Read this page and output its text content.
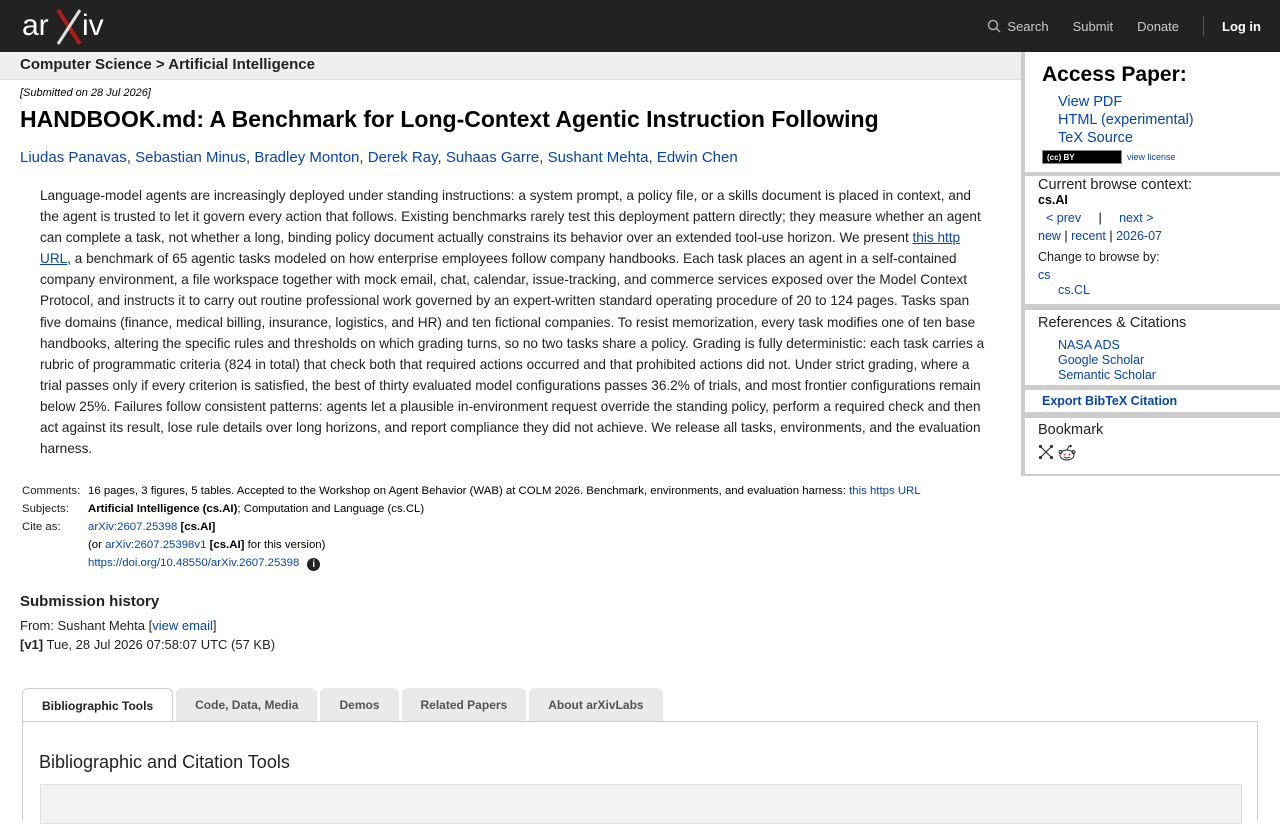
ar iv	Search Submit Donate	Log in
Computer Science > Artificial Intelligence
[Submitted on 28 Jul 2026]
HANDBOOK.md: A Benchmark for Long-Context Agentic Instruction Following
Liudas Panavas, Sebastian Minus, Bradley Monton, Derek Ray, Suhaas Garre, Sushant Mehta, Edwin Chen
Language-model agents are increasingly deployed under standing instructions: a system prompt, a policy file, or a skills document is placed in context, and the agent is trusted to let it govern every action that follows. Existing benchmarks rarely test this deployment pattern directly; they measure whether an agent can complete a task, not whether a long, binding policy document actually constrains its behavior over an extended tool-use horizon. We present this http URL, a benchmark of 65 agentic tasks modeled on how enterprise employees follow company handbooks. Each task places an agent in a self-contained company environment, a file workspace together with mock email, chat, calendar, issue-tracking, and commerce services exposed over the Model Context Protocol, and instructs it to carry out routine professional work governed by an expert-written standard operating procedure of 20 to 124 pages. Tasks span five domains (finance, medical billing, insurance, logistics, and HR) and ten fictional companies. To resist memorization, every task modifies one of ten base handbooks, altering the specific rules and thresholds on which grading turns, so no two tasks share a policy. Grading is fully deterministic: each task carries a rubric of programmatic criteria (824 in total) that check both that required actions occurred and that prohibited actions did not. Under strict grading, where a trial passes only if every criterion is satisfied, the best of thirty evaluated model configurations passes 36.2% of trials, and most frontier configurations remain below 25%. Failures follow consistent patterns: agents let a plausible in-environment request override the standing policy, perform a required check and then act against its result, lose rule details over long horizons, and report compliance they did not achieve. We release all tasks, environments, and the evaluation harness.
Comments:	16 pages, 3 figures, 5 tables. Accepted to the Workshop on Agent Behavior (WAB) at COLM 2026. Benchmark, environments, and evaluation harness: this https URL
Subjects:	Artificial Intelligence (cs.AI); Computation and Language (cs.CL)
Cite as:	arXiv:2607.25398 [cs.AI]
	(or arXiv:2607.25398v1 [cs.AI] for this version)
	https://doi.org/10.48550/arXiv.2607.25398 i
Submission history
From: Sushant Mehta [view email]
[v1] Tue, 28 Jul 2026 07:58:07 UTC (57 KB)
Bibliographic Tools	Code, Data, Media	Demos	Related Papers	About arXivLabs
Bibliographic and Citation Tools
Access Paper:
View PDF
HTML (experimental)
TeX Source
(cc) BY	view license
Current browse context:
cs.AI
< prev | next >
new | recent | 2026-07
Change to browse by:
cs
cs.CL
References & Citations
NASA ADS
Google Scholar
Semantic Scholar
Export BibTeX Citation
Bookmark
